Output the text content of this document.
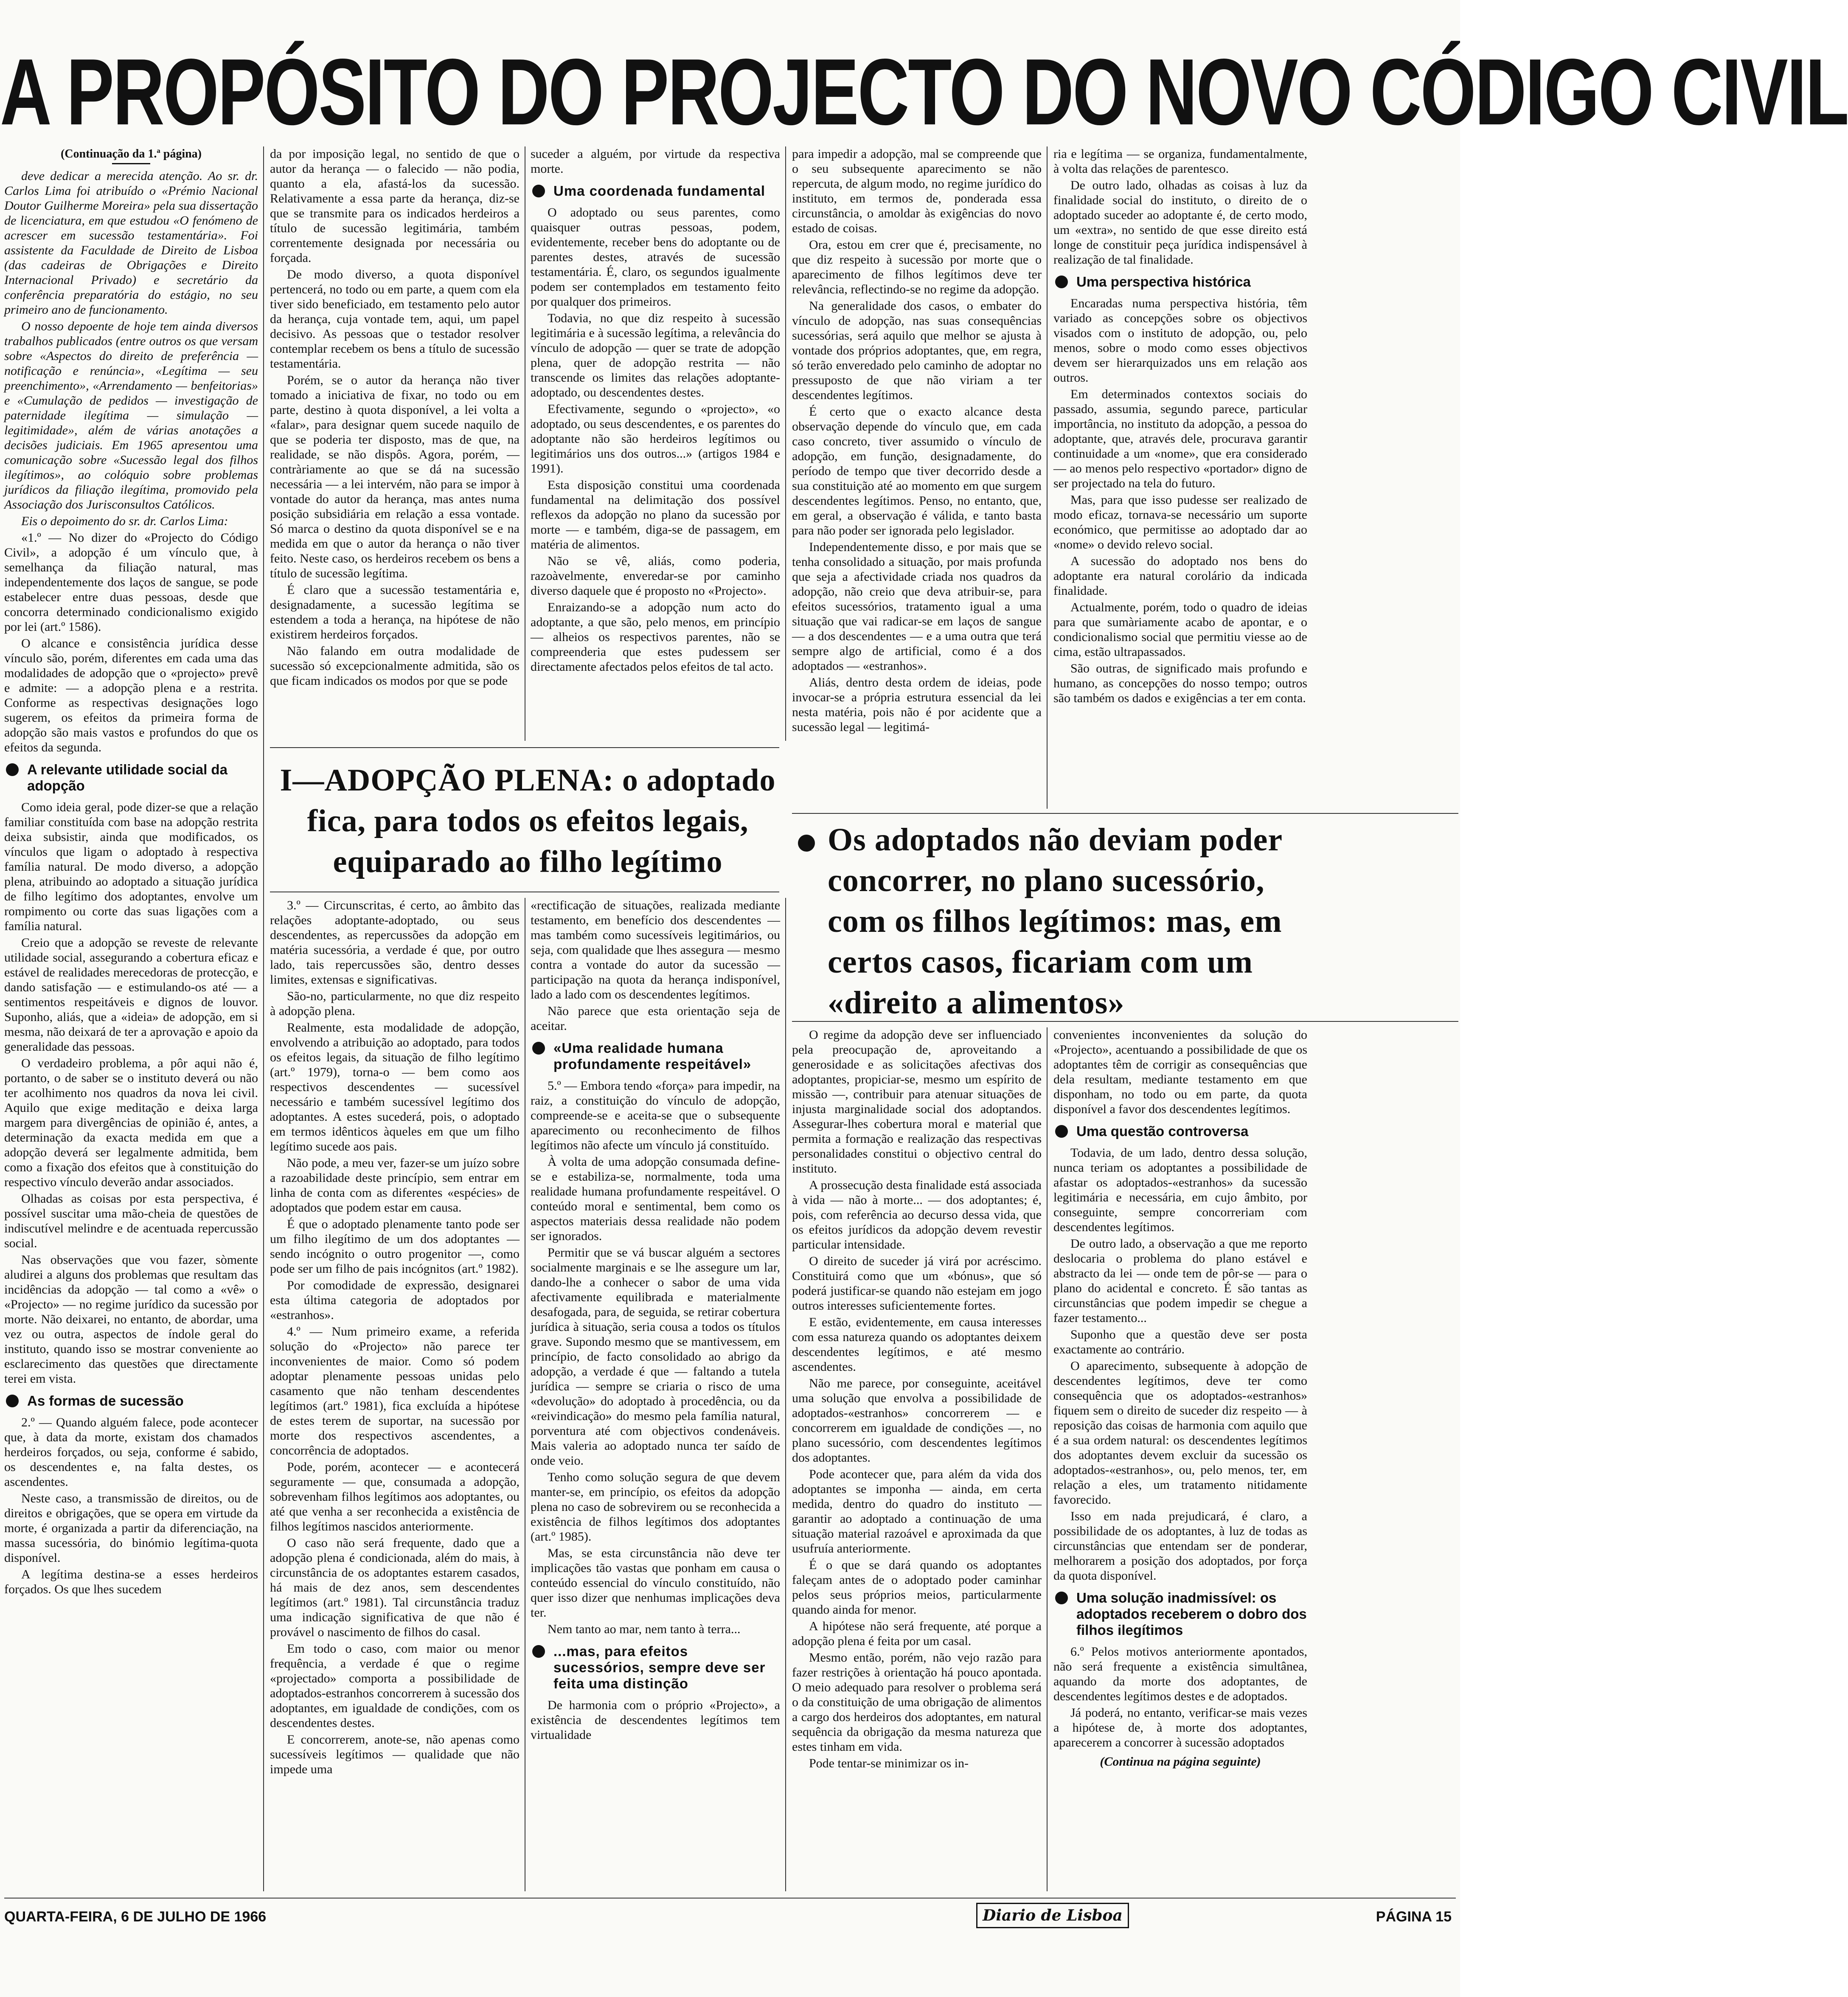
A PROPÓSITO DO PROJECTO DO NOVO CÓDIGO CIVIL
(Continuação da 1.ª página)

deve dedicar a merecida atenção. Ao sr. dr. Carlos Lima foi atribuído o «Prémio Nacional Doutor Guilherme Moreira» pela sua dissertação de licenciatura, em que estudou «O fenómeno de acrescer em sucessão testamentária». Foi assistente da Faculdade de Direito de Lisboa (das cadeiras de Obrigações e Direito Internacional Privado) e secretário da conferência preparatória do estágio, no seu primeiro ano de funcionamento.

O nosso depoente de hoje tem ainda diversos trabalhos publicados (entre outros os que versam sobre «Aspectos do direito de preferência — notificação e renúncia», «Legítima — seu preenchimento», «Arrendamento — benfeitorias» e «Cumulação de pedidos — investigação de paternidade ilegítima — simulação — legitimidade», além de várias anotações a decisões judiciais. Em 1965 apresentou uma comunicação sobre «Sucessão legal dos filhos ilegítimos», ao colóquio sobre problemas jurídicos da filiação ilegítima, promovido pela Associação dos Jurisconsultos Católicos.

Eis o depoimento do sr. dr. Carlos Lima:

«1.º — No dizer do «Projecto do Código Civil», a adopção é um vínculo que, à semelhança da filiação natural, mas independentemente dos laços de sangue, se pode estabelecer entre duas pessoas, desde que concorra determinado condicionalismo exigido por lei (art.º 1586).

O alcance e consistência jurídica desse vínculo são, porém, diferentes em cada uma das modalidades de adopção que o «projecto» prevê e admite: — a adopção plena e a restrita. Conforme as respectivas designações logo sugerem, os efeitos da primeira forma de adopção são mais vastos e profundos do que os efeitos da segunda.

A relevante utilidade social da adopção

Como ideia geral, pode dizer-se que a relação familiar constituída com base na adopção restrita deixa subsistir, ainda que modificados, os vínculos que ligam o adoptado à respectiva família natural. De modo diverso, a adopção plena, atribuindo ao adoptado a situação jurídica de filho legítimo dos adoptantes, envolve um rompimento ou corte das suas ligações com a família natural.

Creio que a adopção se reveste de relevante utilidade social, assegurando a cobertura eficaz e estável de realidades merecedoras de protecção, e dando satisfação — e estimulando-os até — a sentimentos respeitáveis e dignos de louvor. Suponho, aliás, que a «ideia» de adopção, em si mesma, não deixará de ter a aprovação e apoio da generalidade das pessoas.

O verdadeiro problema, a pôr aqui não é, portanto, o de saber se o instituto deverá ou não ter acolhimento nos quadros da nova lei civil. Aquilo que exige meditação e deixa larga margem para divergências de opinião é, antes, a determinação da exacta medida em que a adopção deverá ser legalmente admitida, bem como a fixação dos efeitos que à constituição do respectivo vínculo deverão andar associados.

Olhadas as coisas por esta perspectiva, é possível suscitar uma mão-cheia de questões de indiscutível melindre e de acentuada repercussão social.

Nas observações que vou fazer, sòmente aludirei a alguns dos problemas que resultam das incidências da adopção — tal como a «vê» o «Projecto» — no regime jurídico da sucessão por morte. Não deixarei, no entanto, de abordar, uma vez ou outra, aspectos de índole geral do instituto, quando isso se mostrar conveniente ao esclarecimento das questões que directamente terei em vista.

As formas de sucessão

2.º — Quando alguém falece, pode acontecer que, à data da morte, existam dos chamados herdeiros forçados, ou seja, conforme é sabido, os descendentes e, na falta destes, os ascendentes.

Neste caso, a transmissão de direitos, ou de direitos e obrigações, que se opera em virtude da morte, é organizada a partir da diferenciação, na massa sucessória, do binómio legítima-quota disponível.

A legítima destina-se a esses herdeiros forçados. Os que lhes sucedem

da por imposição legal, no sentido de que o autor da herança — o falecido — não podia, quanto a ela, afastá-los da sucessão. Relativamente a essa parte da herança, diz-se que se transmite para os indicados herdeiros a título de sucessão legitimária, também correntemente designada por necessária ou forçada.

De modo diverso, a quota disponível pertencerá, no todo ou em parte, a quem com ela tiver sido beneficiado, em testamento pelo autor da herança, cuja vontade tem, aqui, um papel decisivo. As pessoas que o testador resolver contemplar recebem os bens a título de sucessão testamentária.

Porém, se o autor da herança não tiver tomado a iniciativa de fixar, no todo ou em parte, destino à quota disponível, a lei volta a «falar», para designar quem sucede naquilo de que se poderia ter disposto, mas de que, na realidade, se não dispôs. Agora, porém, — contràriamente ao que se dá na sucessão necessária — a lei intervém, não para se impor à vontade do autor da herança, mas antes numa posição subsidiária em relação a essa vontade. Só marca o destino da quota disponível se e na medida em que o autor da herança o não tiver feito. Neste caso, os herdeiros recebem os bens a título de sucessão legítima.

É claro que a sucessão testamentária e, designadamente, a sucessão legítima se estendem a toda a herança, na hipótese de não existirem herdeiros forçados.

Não falando em outra modalidade de sucessão só excepcionalmente admitida, são os que ficam indicados os modos por que se pode

suceder a alguém, por virtude da respectiva morte.

Uma coordenada fundamental

O adoptado ou seus parentes, como quaisquer outras pessoas, podem, evidentemente, receber bens do adoptante ou de parentes destes, através de sucessão testamentária. É, claro, os segundos igualmente podem ser contemplados em testamento feito por qualquer dos primeiros.

Todavia, no que diz respeito à sucessão legitimária e à sucessão legítima, a relevância do vínculo de adopção — quer se trate de adopção plena, quer de adopção restrita — não transcende os limites das relações adoptante-adoptado, ou descendentes destes.

Efectivamente, segundo o «projecto», «o adoptado, ou seus descendentes, e os parentes do adoptante não são herdeiros legítimos ou legitimários uns dos outros...» (artigos 1984 e 1991).

Esta disposição constitui uma coordenada fundamental na delimitação dos possível reflexos da adopção no plano da sucessão por morte — e também, diga-se de passagem, em matéria de alimentos.

Não se vê, aliás, como poderia, razoàvelmente, enveredar-se por caminho diverso daquele que é proposto no «Projecto».

Enraizando-se a adopção num acto do adoptante, a que são, pelo menos, em princípio — alheios os respectivos parentes, não se compreenderia que estes pudessem ser directamente afectados pelos efeitos de tal acto.

para impedir a adopção, mal se compreende que o seu subsequente aparecimento se não repercuta, de algum modo, no regime jurídico do instituto, em termos de, ponderada essa circunstância, o amoldar às exigências do novo estado de coisas.

Ora, estou em crer que é, precisamente, no que diz respeito à sucessão por morte que o aparecimento de filhos legítimos deve ter relevância, reflectindo-se no regime da adopção.

Na generalidade dos casos, o embater do vínculo de adopção, nas suas consequências sucessórias, será aquilo que melhor se ajusta à vontade dos próprios adoptantes, que, em regra, só terão enveredado pelo caminho de adoptar no pressuposto de que não viriam a ter descendentes legítimos.

É certo que o exacto alcance desta observação depende do vínculo que, em cada caso concreto, tiver assumido o vínculo de adopção, em função, designadamente, do período de tempo que tiver decorrido desde a sua constituição até ao momento em que surgem descendentes legítimos. Penso, no entanto, que, em geral, a observação é válida, e tanto basta para não poder ser ignorada pelo legislador.

Independentemente disso, e por mais que se tenha consolidado a situação, por mais profunda que seja a afectividade criada nos quadros da adopção, não creio que deva atribuir-se, para efeitos sucessórios, tratamento igual a uma situação que vai radicar-se em laços de sangue — a dos descendentes — e a uma outra que terá sempre algo de artificial, como é a dos adoptados — «estranhos».

Aliás, dentro desta ordem de ideias, pode invocar-se a própria estrutura essencial da lei nesta matéria, pois não é por acidente que a sucessão legal — legitimá-

ria e legítima — se organiza, fundamentalmente, à volta das relações de parentesco.

De outro lado, olhadas as coisas à luz da finalidade social do instituto, o direito de o adoptado suceder ao adoptante é, de certo modo, um «extra», no sentido de que esse direito está longe de constituir peça jurídica indispensável à realização de tal finalidade.

Uma perspectiva histórica

Encaradas numa perspectiva história, têm variado as concepções sobre os objectivos visados com o instituto de adopção, ou, pelo menos, sobre o modo como esses objectivos devem ser hierarquizados uns em relação aos outros.

Em determinados contextos sociais do passado, assumia, segundo parece, particular importância, no instituto da adopção, a pessoa do adoptante, que, através dele, procurava garantir continuidade a um «nome», que era considerado — ao menos pelo respectivo «portador» digno de ser projectado na tela do futuro.

Mas, para que isso pudesse ser realizado de modo eficaz, tornava-se necessário um suporte económico, que permitisse ao adoptado dar ao «nome» o devido relevo social.

A sucessão do adoptado nos bens do adoptante era natural corolário da indicada finalidade.

Actualmente, porém, todo o quadro de ideias para que sumàriamente acabo de apontar, e o condicionalismo social que permitiu viesse ao de cima, estão ultrapassados.

São outras, de significado mais profundo e humano, as concepções do nosso tempo; outros são também os dados e exigências a ter em conta.

I—ADOPÇÃO PLENA: o adoptado
fica, para todos os efeitos legais,
equiparado ao filho legítimo
Os adoptados não deviam poder
concorrer, no plano sucessório,
com os filhos legítimos: mas, em
certos casos, ficariam com um
«direito a alimentos»

3.º — Circunscritas, é certo, ao âmbito das relações adoptante-adoptado, ou seus descendentes, as repercussões da adopção em matéria sucessória, a verdade é que, por outro lado, tais repercussões são, dentro desses limites, extensas e significativas.

São-no, particularmente, no que diz respeito à adopção plena.

Realmente, esta modalidade de adopção, envolvendo a atribuição ao adoptado, para todos os efeitos legais, da situação de filho legítimo (art.º 1979), torna-o — bem como aos respectivos descendentes — sucessível necessário e também sucessível legítimo dos adoptantes. A estes sucederá, pois, o adoptado em termos idênticos àqueles em que um filho legítimo sucede aos pais.

Não pode, a meu ver, fazer-se um juízo sobre a razoabilidade deste princípio, sem entrar em linha de conta com as diferentes «espécies» de adoptados que podem estar em causa.

É que o adoptado plenamente tanto pode ser um filho ilegítimo de um dos adoptantes — sendo incógnito o outro progenitor —, como pode ser um filho de pais incógnitos (art.º 1982).

Por comodidade de expressão, designarei esta última categoria de adoptados por «estranhos».

4.º — Num primeiro exame, a referida solução do «Projecto» não parece ter inconvenientes de maior. Como só podem adoptar plenamente pessoas unidas pelo casamento que não tenham descendentes legítimos (art.º 1981), fica excluída a hipótese de estes terem de suportar, na sucessão por morte dos respectivos ascendentes, a concorrência de adoptados.

Pode, porém, acontecer — e acontecerá seguramente — que, consumada a adopção, sobrevenham filhos legítimos aos adoptantes, ou até que venha a ser reconhecida a existência de filhos legítimos nascidos anteriormente.

O caso não será frequente, dado que a adopção plena é condicionada, além do mais, à circunstância de os adoptantes estarem casados, há mais de dez anos, sem descendentes legítimos (art.º 1981). Tal circunstância traduz uma indicação significativa de que não é provável o nascimento de filhos do casal.

Em todo o caso, com maior ou menor frequência, a verdade é que o regime «projectado» comporta a possibilidade de adoptados-estranhos concorrerem à sucessão dos adoptantes, em igualdade de condições, com os descendentes destes.

E concorrerem, anote-se, não apenas como sucessíveis legítimos — qualidade que não impede uma

«rectificação de situações, realizada mediante testamento, em benefício dos descendentes — mas também como sucessíveis legitimários, ou seja, com qualidade que lhes assegura — mesmo contra a vontade do autor da sucessão — participação na quota da herança indisponível, lado a lado com os descendentes legítimos.

Não parece que esta orientação seja de aceitar.

«Uma realidade humana profundamente respeitável»

5.º — Embora tendo «força» para impedir, na raiz, a constituição do vínculo de adopção, compreende-se e aceita-se que o subsequente aparecimento ou reconhecimento de filhos legítimos não afecte um vínculo já constituído.

À volta de uma adopção consumada define-se e estabiliza-se, normalmente, toda uma realidade humana profundamente respeitável. O conteúdo moral e sentimental, bem como os aspectos materiais dessa realidade não podem ser ignorados.

Permitir que se vá buscar alguém a sectores socialmente marginais e se lhe assegure um lar, dando-lhe a conhecer o sabor de uma vida afectivamente equilibrada e materialmente desafogada, para, de seguida, se retirar cobertura jurídica à situação, seria cousa a todos os títulos grave. Supondo mesmo que se mantivessem, em princípio, de facto consolidado ao abrigo da adopção, a verdade é que — faltando a tutela jurídica — sempre se criaria o risco de uma «devolução» do adoptado à procedência, ou da «reivindicação» do mesmo pela família natural, porventura até com objectivos condenáveis. Mais valeria ao adoptado nunca ter saído de onde veio.

Tenho como solução segura de que devem manter-se, em princípio, os efeitos da adopção plena no caso de sobrevirem ou se reconhecida a existência de filhos legítimos dos adoptantes (art.º 1985).

Mas, se esta circunstância não deve ter implicações tão vastas que ponham em causa o conteúdo essencial do vínculo constituído, não quer isso dizer que nenhumas implicações deva ter.

Nem tanto ao mar, nem tanto à terra...

...mas, para efeitos sucessórios, sempre deve ser feita uma distinção

De harmonia com o próprio «Projecto», a existência de descendentes legítimos tem virtualidade

O regime da adopção deve ser influenciado pela preocupação de, aproveitando a generosidade e as solicitações afectivas dos adoptantes, propiciar-se, mesmo um espírito de missão —, contribuir para atenuar situações de injusta marginalidade social dos adoptandos. Assegurar-lhes cobertura moral e material que permita a formação e realização das respectivas personalidades constitui o objectivo central do instituto.

A prossecução desta finalidade está associada à vida — não à morte... — dos adoptantes; é, pois, com referência ao decurso dessa vida, que os efeitos jurídicos da adopção devem revestir particular intensidade.

O direito de suceder já virá por acréscimo. Constituirá como que um «bónus», que só poderá justificar-se quando não estejam em jogo outros interesses suficientemente fortes.

E estão, evidentemente, em causa interesses com essa natureza quando os adoptantes deixem descendentes legítimos, e até mesmo ascendentes.

Não me parece, por conseguinte, aceitável uma solução que envolva a possibilidade de adoptados-«estranhos» concorrerem — e concorrerem em igualdade de condições —, no plano sucessório, com descendentes legítimos dos adoptantes.

Pode acontecer que, para além da vida dos adoptantes se imponha — ainda, em certa medida, dentro do quadro do instituto — garantir ao adoptado a continuação de uma situação material razoável e aproximada da que usufruía anteriormente.

É o que se dará quando os adoptantes faleçam antes de o adoptado poder caminhar pelos seus próprios meios, particularmente quando ainda for menor.

A hipótese não será frequente, até porque a adopção plena é feita por um casal.

Mesmo então, porém, não vejo razão para fazer restrições à orientação há pouco apontada. O meio adequado para resolver o problema será o da constituição de uma obrigação de alimentos a cargo dos herdeiros dos adoptantes, em natural sequência da obrigação da mesma natureza que estes tinham em vida.

Pode tentar-se minimizar os in-

convenientes inconvenientes da solução do «Projecto», acentuando a possibilidade de que os adoptantes têm de corrigir as consequências que dela resultam, mediante testamento em que disponham, no todo ou em parte, da quota disponível a favor dos descendentes legítimos.

Uma questão controversa

Todavia, de um lado, dentro dessa solução, nunca teriam os adoptantes a possibilidade de afastar os adoptados-«estranhos» da sucessão legitimária e necessária, em cujo âmbito, por conseguinte, sempre concorreriam com descendentes legítimos.

De outro lado, a observação a que me reporto deslocaria o problema do plano estável e abstracto da lei — onde tem de pôr-se — para o plano do acidental e concreto. É são tantas as circunstâncias que podem impedir se chegue a fazer testamento...

Suponho que a questão deve ser posta exactamente ao contrário.

O aparecimento, subsequente à adopção de descendentes legítimos, deve ter como consequência que os adoptados-«estranhos» fiquem sem o direito de suceder diz respeito — à reposição das coisas de harmonia com aquilo que é a sua ordem natural: os descendentes legítimos dos adoptantes devem excluir da sucessão os adoptados-«estranhos», ou, pelo menos, ter, em relação a eles, um tratamento nitidamente favorecido.

Isso em nada prejudicará, é claro, a possibilidade de os adoptantes, à luz de todas as circunstâncias que entendam ser de ponderar, melhorarem a posição dos adoptados, por força da quota disponível.

Uma solução inadmissível: os adoptados receberem o dobro dos filhos ilegítimos

6.º Pelos motivos anteriormente apontados, não será frequente a existência simultânea, aquando da morte dos adoptantes, de descendentes legítimos destes e de adoptados.

Já poderá, no entanto, verificar-se mais vezes a hipótese de, à morte dos adoptantes, aparecerem a concorrer à sucessão adoptados

(Continua na página seguinte)

QUARTA-FEIRA, 6 DE JULHO DE 1966	Diario de Lisboa	PÁGINA 15
